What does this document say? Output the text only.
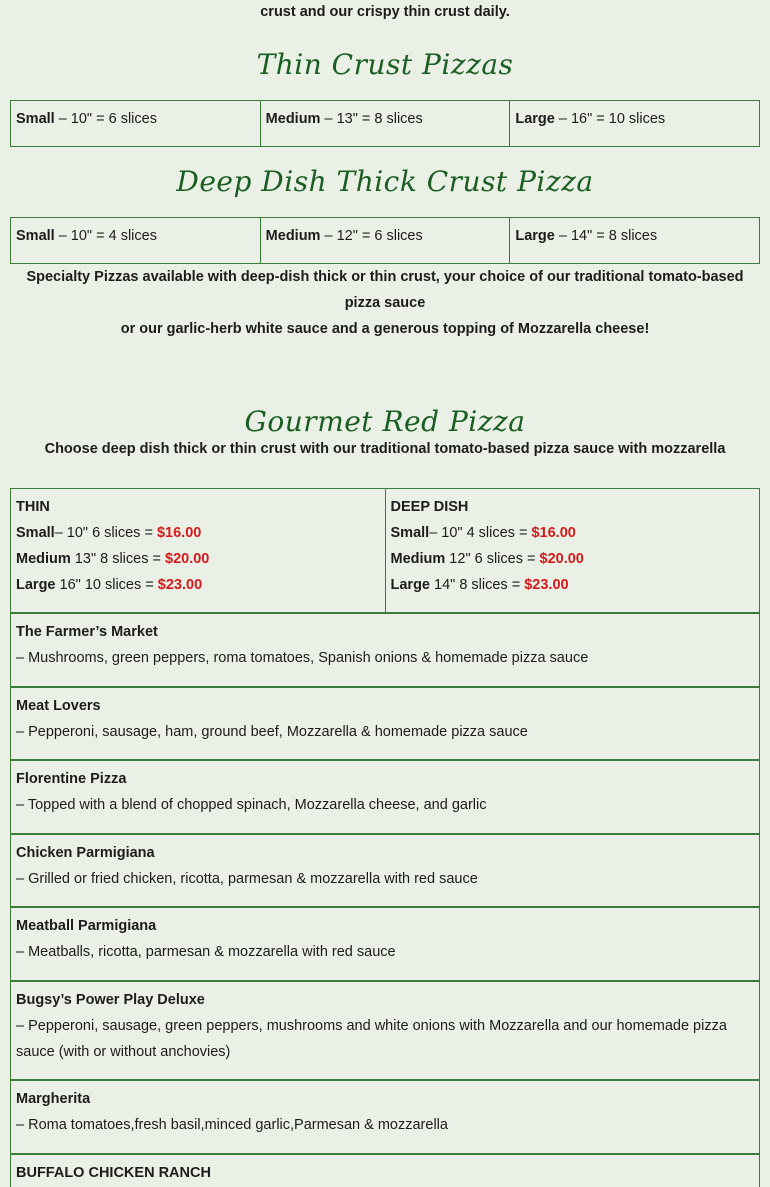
crust and our crispy thin crust daily.
Thin Crust Pizzas
Small – 10" = 6 slices	Medium – 13" = 8 slices	Large – 16" = 10 slices
Deep Dish Thick Crust Pizza
Small – 10" = 4 slices	Medium – 12" = 6 slices	Large – 14" = 8 slices
Specialty Pizzas available with deep-dish thick or thin crust, your choice of our traditional tomato-based pizza sauce
or our garlic-herb white sauce and a generous topping of Mozzarella cheese!
Gourmet Red Pizza
Choose deep dish thick or thin crust with our traditional tomato-based pizza sauce with mozzarella
THIN
Small– 10" 6 slices = $16.00
Medium 13" 8 slices = $20.00
Large 16" 10 slices = $23.00
DEEP DISH
Small– 10" 4 slices = $16.00
Medium 12" 6 slices = $20.00
Large 14" 8 slices = $23.00
The Farmer’s Market
– Mushrooms, green peppers, roma tomatoes, Spanish onions & homemade pizza sauce
Meat Lovers
– Pepperoni, sausage, ham, ground beef, Mozzarella & homemade pizza sauce
Florentine Pizza
– Topped with a blend of chopped spinach, Mozzarella cheese, and garlic
Chicken Parmigiana
– Grilled or fried chicken, ricotta, parmesan & mozzarella with red sauce
Meatball Parmigiana
– Meatballs, ricotta, parmesan & mozzarella with red sauce
Bugsy’s Power Play Deluxe
– Pepperoni, sausage, green peppers, mushrooms and white onions with Mozzarella and our homemade pizza sauce (with or without anchovies)
Margherita
– Roma tomatoes,fresh basil,minced garlic,Parmesan & mozzarella
BUFFALO CHICKEN RANCH
